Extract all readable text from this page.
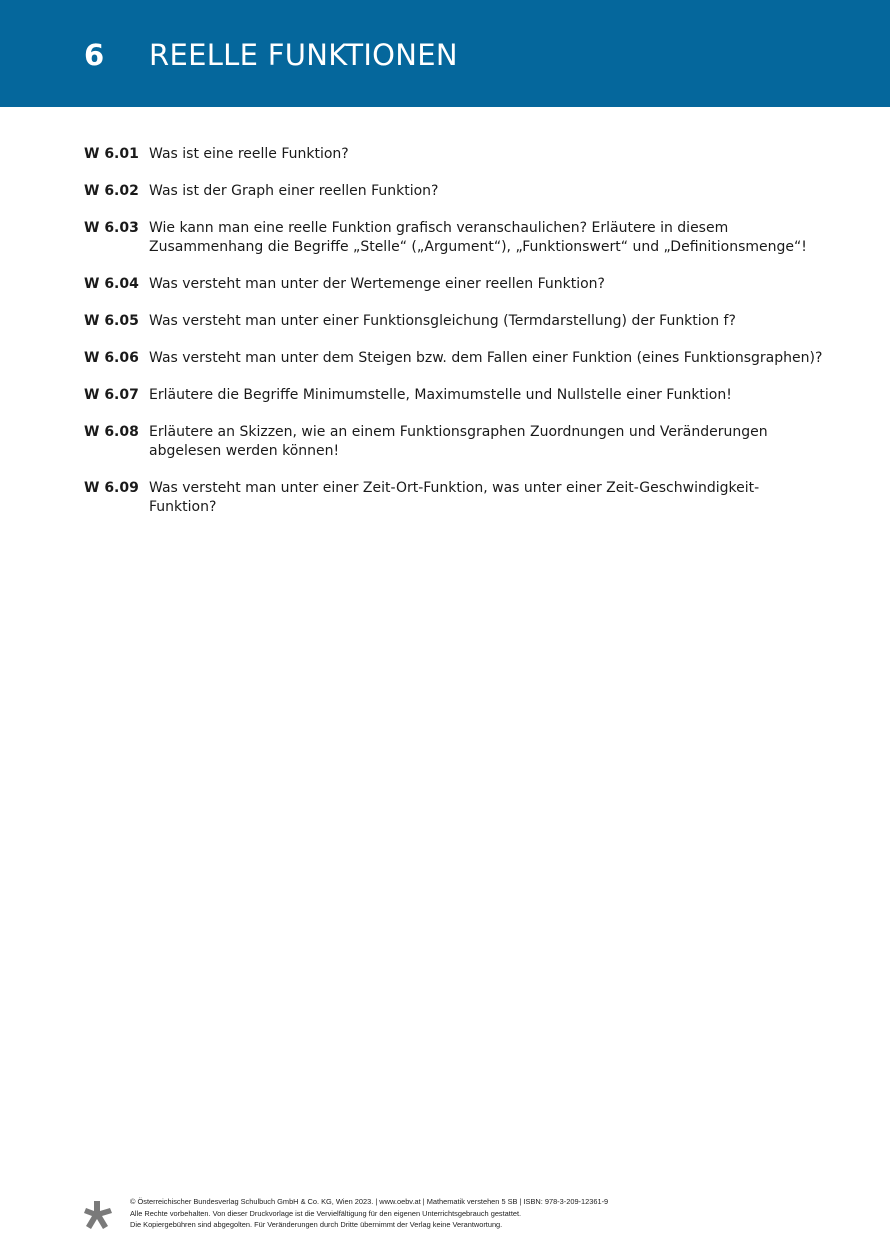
6 REELLE FUNKTIONEN
W 6.01 Was ist eine reelle Funktion?
W 6.02 Was ist der Graph einer reellen Funktion?
W 6.03 Wie kann man eine reelle Funktion grafisch veranschaulichen? Erläutere in diesem Zusammenhang die Begriffe „Stelle“ („Argument“), „Funktionswert“ und „Definitionsmenge“!
W 6.04 Was versteht man unter der Wertemenge einer reellen Funktion?
W 6.05 Was versteht man unter einer Funktionsgleichung (Termdarstellung) der Funktion f?
W 6.06 Was versteht man unter dem Steigen bzw. dem Fallen einer Funktion (eines Funktionsgraphen)?
W 6.07 Erläutere die Begriffe Minimumstelle, Maximumstelle und Nullstelle einer Funktion!
W 6.08 Erläutere an Skizzen, wie an einem Funktionsgraphen Zuordnungen und Veränderungen abgelesen werden können!
W 6.09 Was versteht man unter einer Zeit-Ort-Funktion, was unter einer Zeit-Geschwindigkeit-Funktion?
© Österreichischer Bundesverlag Schulbuch GmbH & Co. KG, Wien 2023. | www.oebv.at | Mathematik verstehen 5 SB | ISBN: 978-3-209-12361-9
Alle Rechte vorbehalten. Von dieser Druckvorlage ist die Vervielfältigung für den eigenen Unterrichtsgebrauch gestattet.
Die Kopiergebühren sind abgegolten. Für Veränderungen durch Dritte übernimmt der Verlag keine Verantwortung.
